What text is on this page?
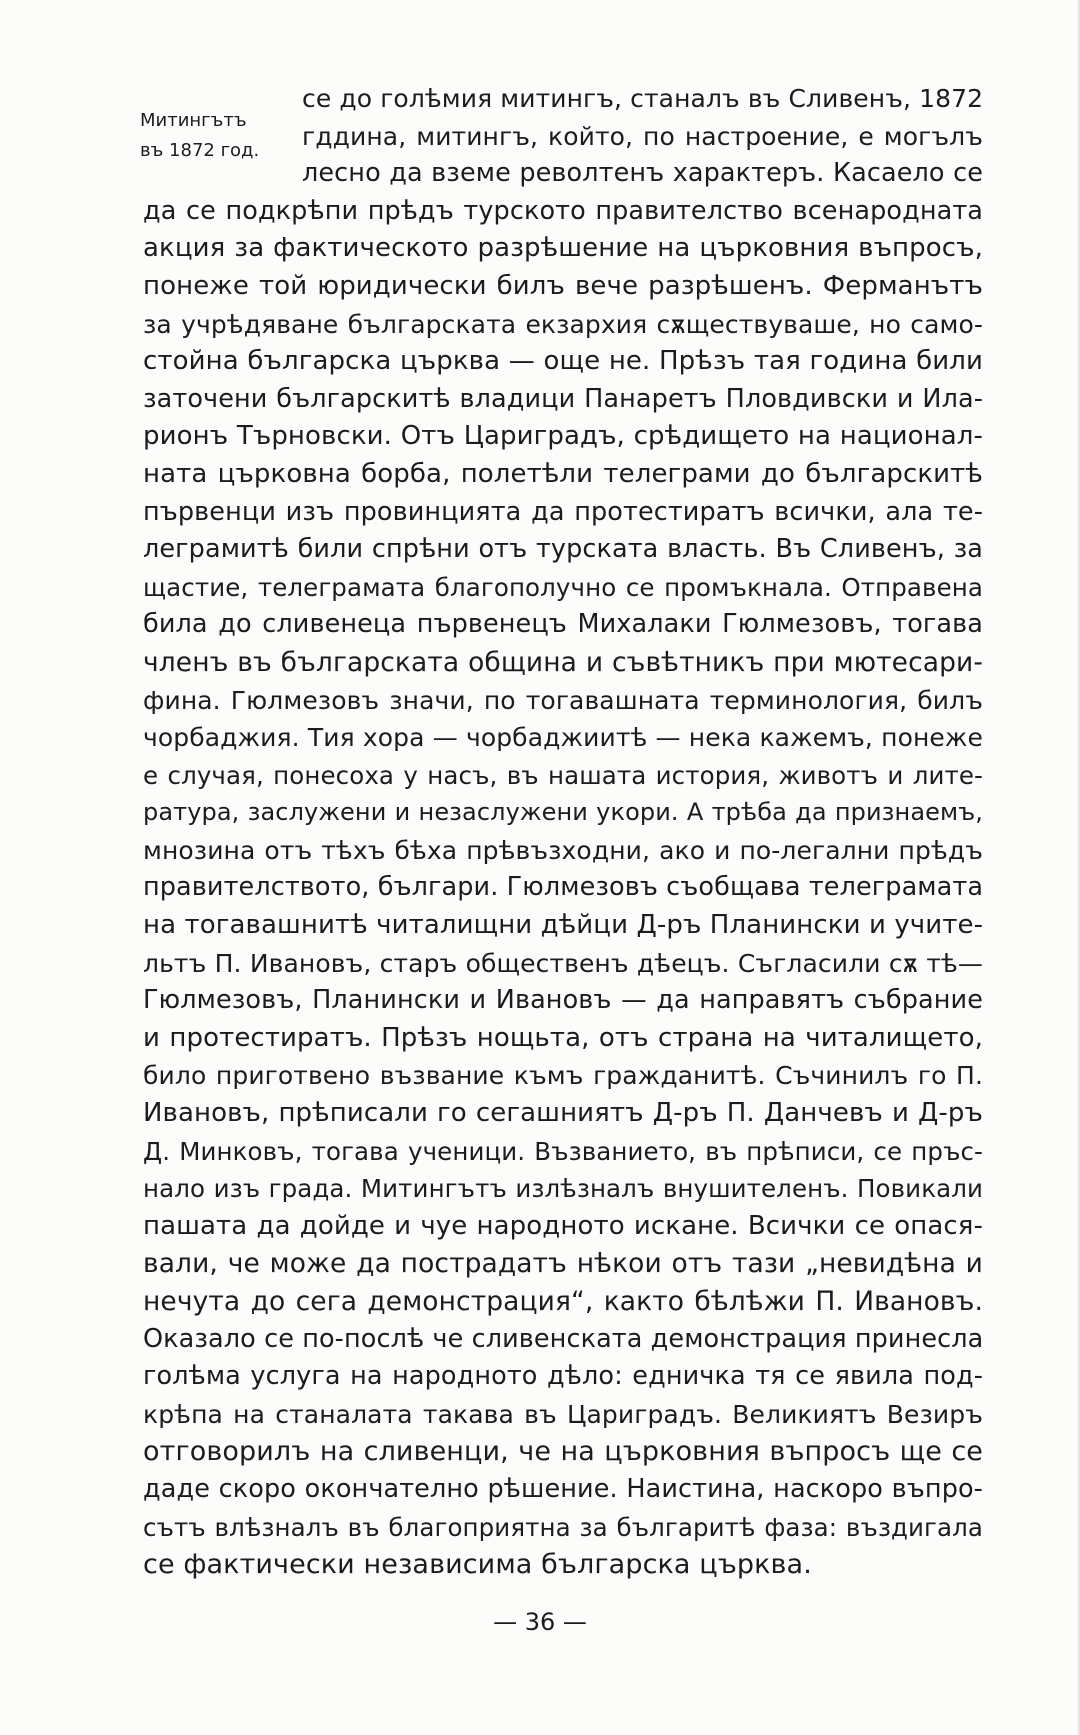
Митингътъ
въ 1872 год.
се до голѣмия митингъ, станалъ въ Сливенъ, 1872
гддина, митингъ, който, по настроение, е могълъ
лесно да вземе револтенъ характеръ. Касаело се
да се подкрѣпи прѣдъ турското правителство всенародната
акция за фактическото разрѣшение на църковния въпросъ,
понеже той юридически билъ вече разрѣшенъ. Ферманътъ
за учрѣдяване българската екзархия сѫществуваше, но само-
стойна българска църква — още не. Прѣзъ тая година били
заточени българскитѣ владици Панаретъ Пловдивски и Ила-
рионъ Търновски. Отъ Цариградъ, срѣдището на национал-
ната църковна борба, полетѣли телеграми до българскитѣ
първенци изъ провинцията да протестиратъ всички, ала те-
леграмитѣ били спрѣни отъ турската власть. Въ Сливенъ, за
щастие, телеграмата благополучно се промъкнала. Отправена
била до сливенеца първенецъ Михалаки Гюлмезовъ, тогава
членъ въ българската община и съвѣтникъ при мютесари-
фина. Гюлмезовъ значи, по тогавашната терминология, билъ
чорбаджия. Тия хора — чорбаджиитѣ — нека кажемъ, понеже
е случая, понесоха у насъ, въ нашата история, животъ и лите-
ратура, заслужени и незаслужени укори. А трѣба да признаемъ,
мнозина отъ тѣхъ бѣха прѣвъзходни, ако и по-легални прѣдъ
правителството, българи. Гюлмезовъ съобщава телеграмата
на тогавашнитѣ читалищни дѣйци Д-ръ Планински и учите-
льтъ П. Ивановъ, старъ общественъ дѣецъ. Съгласили сѫ тѣ—
Гюлмезовъ, Планински и Ивановъ — да направятъ събрание
и протестиратъ. Прѣзъ нощьта, отъ страна на читалището,
било приготвено възвание къмъ гражданитѣ. Съчинилъ го П.
Ивановъ, прѣписали го сегашниятъ Д-ръ П. Данчевъ и Д-ръ
Д. Минковъ, тогава ученици. Възванието, въ прѣписи, се пръс-
нало изъ града. Митингътъ излѣзналъ внушителенъ. Повикали
пашата да дойде и чуе народното искане. Всички се опася-
вали, че може да пострадатъ нѣкои отъ тази „невидѣна и
нечута до сега демонстрация“, както бѣлѣжи П. Ивановъ.
Оказало се по-послѣ че сливенската демонстрация принесла
голѣма услуга на народното дѣло: едничка тя се явила под-
крѣпа на станалата такава въ Цариградъ. Великиятъ Везиръ
отговорилъ на сливенци, че на църковния въпросъ ще се
даде скоро окончателно рѣшение. Наистина, наскоро въпро-
сътъ влѣзналъ въ благоприятна за българитѣ фаза: въздигала
се фактически независима българска църква.
— 36 —
